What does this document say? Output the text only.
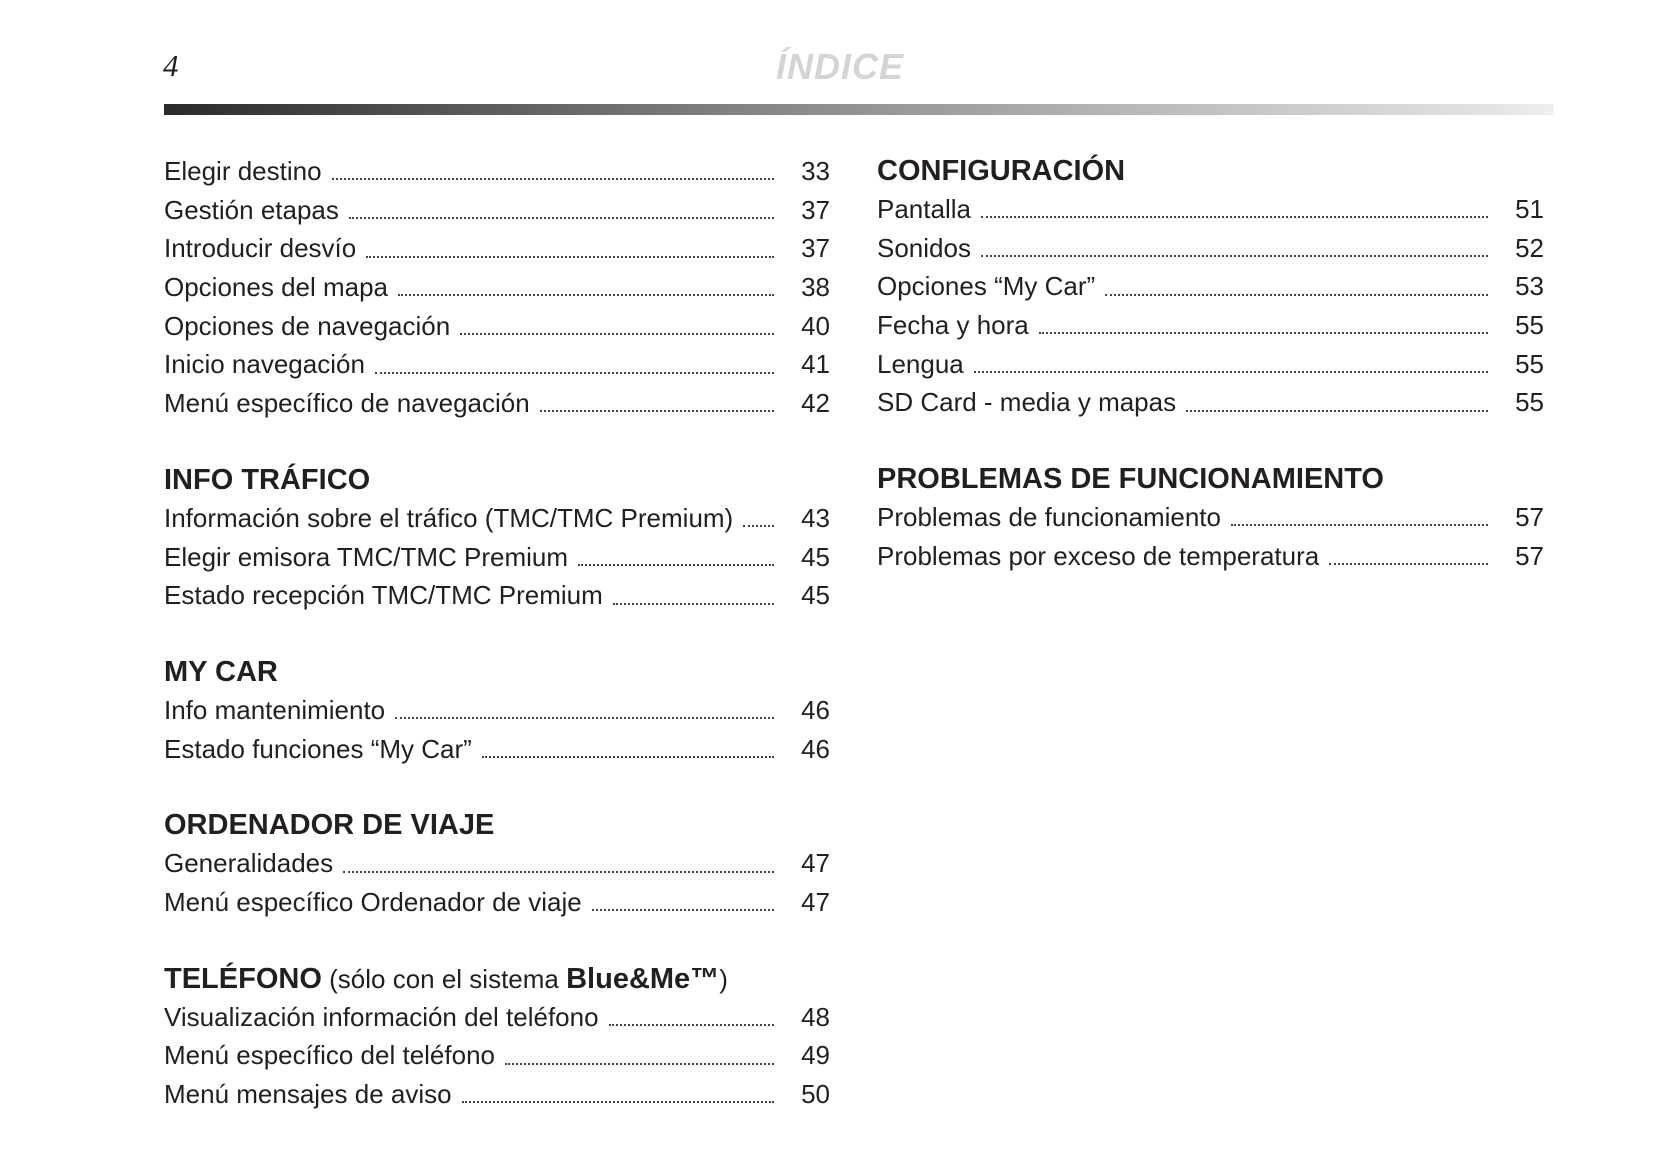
4	ÍNDICE
Elegir destino	33
Gestión etapas	37
Introducir desvío	37
Opciones del mapa	38
Opciones de navegación	40
Inicio navegación	41
Menú específico de navegación	42
INFO TRÁFICO
Información sobre el tráfico (TMC/TMC Premium)	43
Elegir emisora TMC/TMC Premium	45
Estado recepción TMC/TMC Premium	45
MY CAR
Info mantenimiento	46
Estado funciones “My Car”	46
ORDENADOR DE VIAJE
Generalidades	47
Menú específico Ordenador de viaje	47
TELÉFONO (sólo con el sistema Blue&Me™)
Visualización información del teléfono	48
Menú específico del teléfono	49
Menú mensajes de aviso	50
CONFIGURACIÓN
Pantalla	51
Sonidos	52
Opciones “My Car”	53
Fecha y hora	55
Lengua	55
SD Card - media y mapas	55
PROBLEMAS DE FUNCIONAMIENTO
Problemas de funcionamiento	57
Problemas por exceso de temperatura	57
